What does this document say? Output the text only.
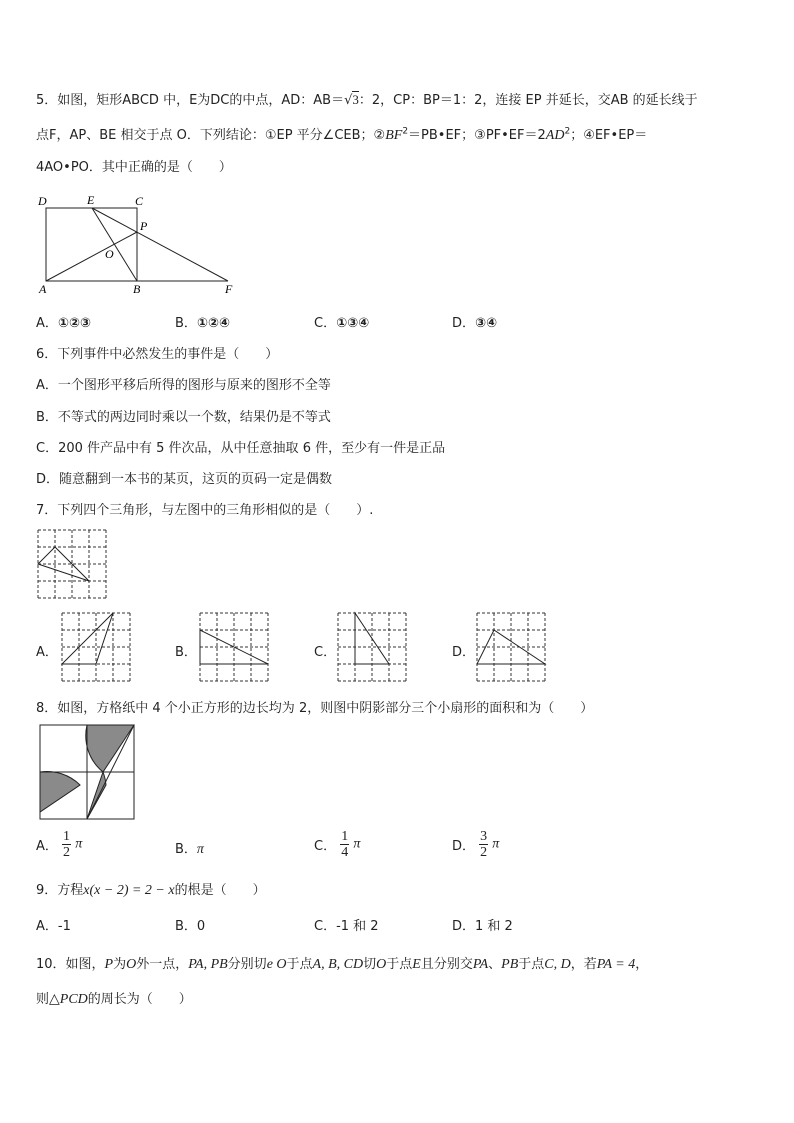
5．如图，矩形ABCD 中，E为DC的中点，AD：AB＝√3：2，CP：BP＝1：2，连接 EP 并延长，交AB 的延长线于
点F，AP、BE 相交于点 O．下列结论：①EP 平分∠CEB；$②BF^2=PB•EF$；$③PF•EF=2AD^2$；④EF•EP＝
4AO•PO．其中正确的是（　　）
D	E	C
P
O
A	B	F
A．①②③	B．①②④	C．①③④	D．③④
6．下列事件中必然发生的事件是（　　）
A．一个图形平移后所得的图形与原来的图形不全等
B．不等式的两边同时乘以一个数，结果仍是不等式
C．200 件产品中有 5 件次品，从中任意抽取 6 件，至少有一件是正品
D．随意翻到一本书的某页，这页的页码一定是偶数
7．下列四个三角形，与左图中的三角形相似的是（　　）.
A．	B．	C．	D．
8．如图，方格纸中 4 个小正方形的边长均为 2，则图中阴影部分三个小扇形的面积和为（　　）
A． $\frac{1}{2}$ π	B．π	C． $\frac{1}{4}$ π	D． $\frac{3}{2}$ π
9．方程x(x − 2) = 2 − x的根是（　　）
A．-1	B．0	C．-1 和 2	D．1 和 2
10．如图，P为O外一点，PA, PB分别切e O于点A, B, CD切O于点E且分别交PA、PB于点C, D，若PA = 4，
则△PCD的周长为（　　）
